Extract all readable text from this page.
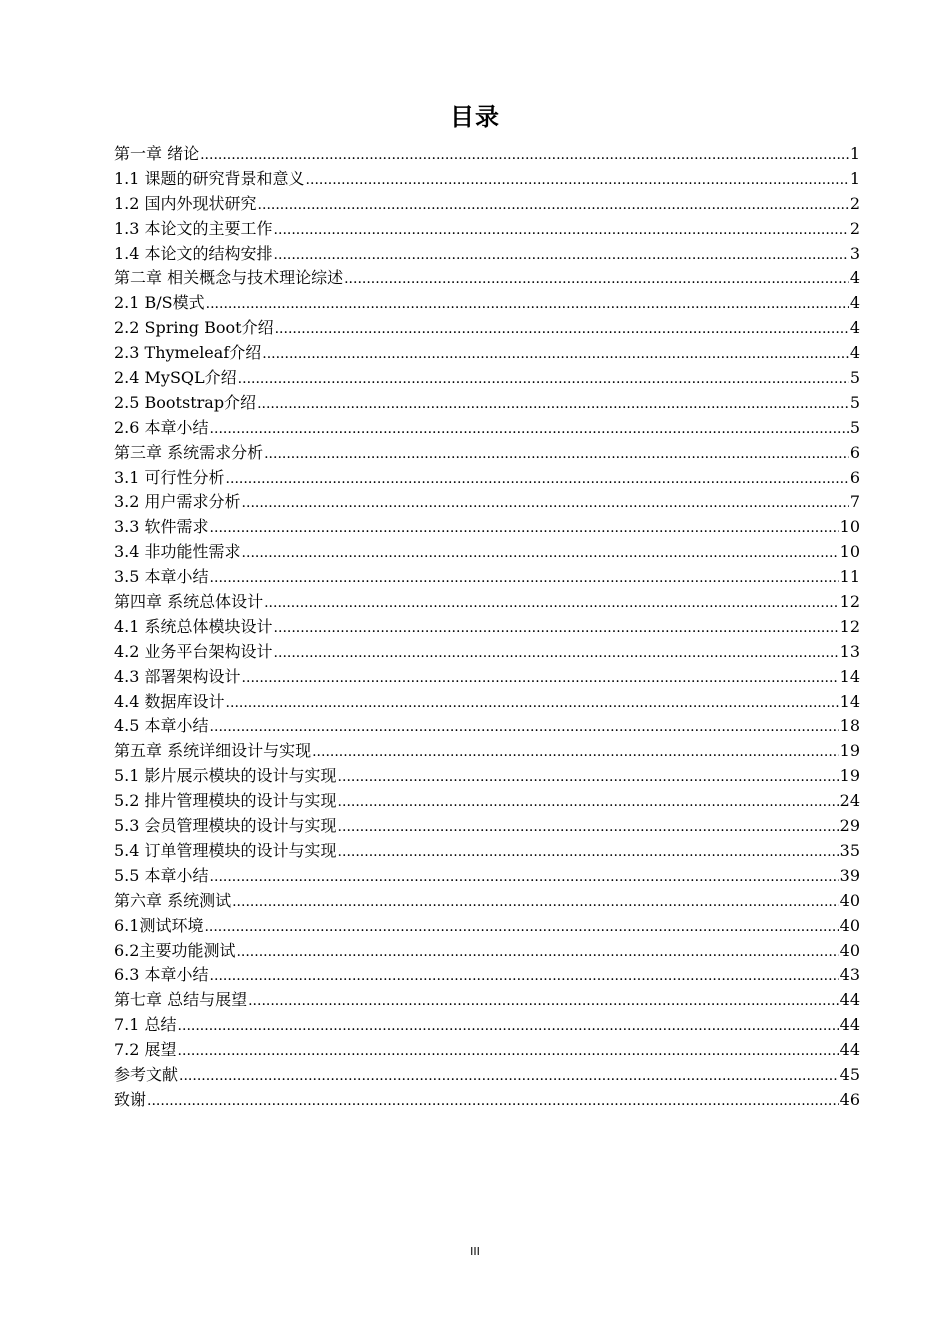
目录
第一章 绪论 .....	1
1.1 课题的研究背景和意义 .....	1
1.2 国内外现状研究 .....	2
1.3 本论文的主要工作 .....	2
1.4 本论文的结构安排 .....	3
第二章 相关概念与技术理论综述 .....	4
2.1 B/S模式 .....	4
2.2 Spring Boot介绍 .....	4
2.3 Thymeleaf介绍 .....	4
2.4 MySQL介绍 .....	5
2.5 Bootstrap介绍 .....	5
2.6 本章小结 .....	5
第三章 系统需求分析 .....	6
3.1 可行性分析 .....	6
3.2 用户需求分析 .....	7
3.3 软件需求 .....	10
3.4 非功能性需求 .....	10
3.5 本章小结 .....	11
第四章 系统总体设计 .....	12
4.1 系统总体模块设计 .....	12
4.2 业务平台架构设计 .....	13
4.3 部署架构设计 .....	14
4.4 数据库设计 .....	14
4.5 本章小结 .....	18
第五章 系统详细设计与实现 .....	19
5.1 影片展示模块的设计与实现 .....	19
5.2 排片管理模块的设计与实现 .....	24
5.3 会员管理模块的设计与实现 .....	29
5.4 订单管理模块的设计与实现 .....	35
5.5 本章小结 .....	39
第六章 系统测试 .....	40
6.1测试环境 .....	40
6.2主要功能测试 .....	40
6.3 本章小结 .....	43
第七章 总结与展望 .....	44
7.1 总结 .....	44
7.2 展望 .....	44
参考文献 .....	45
致谢 .....	46
III
